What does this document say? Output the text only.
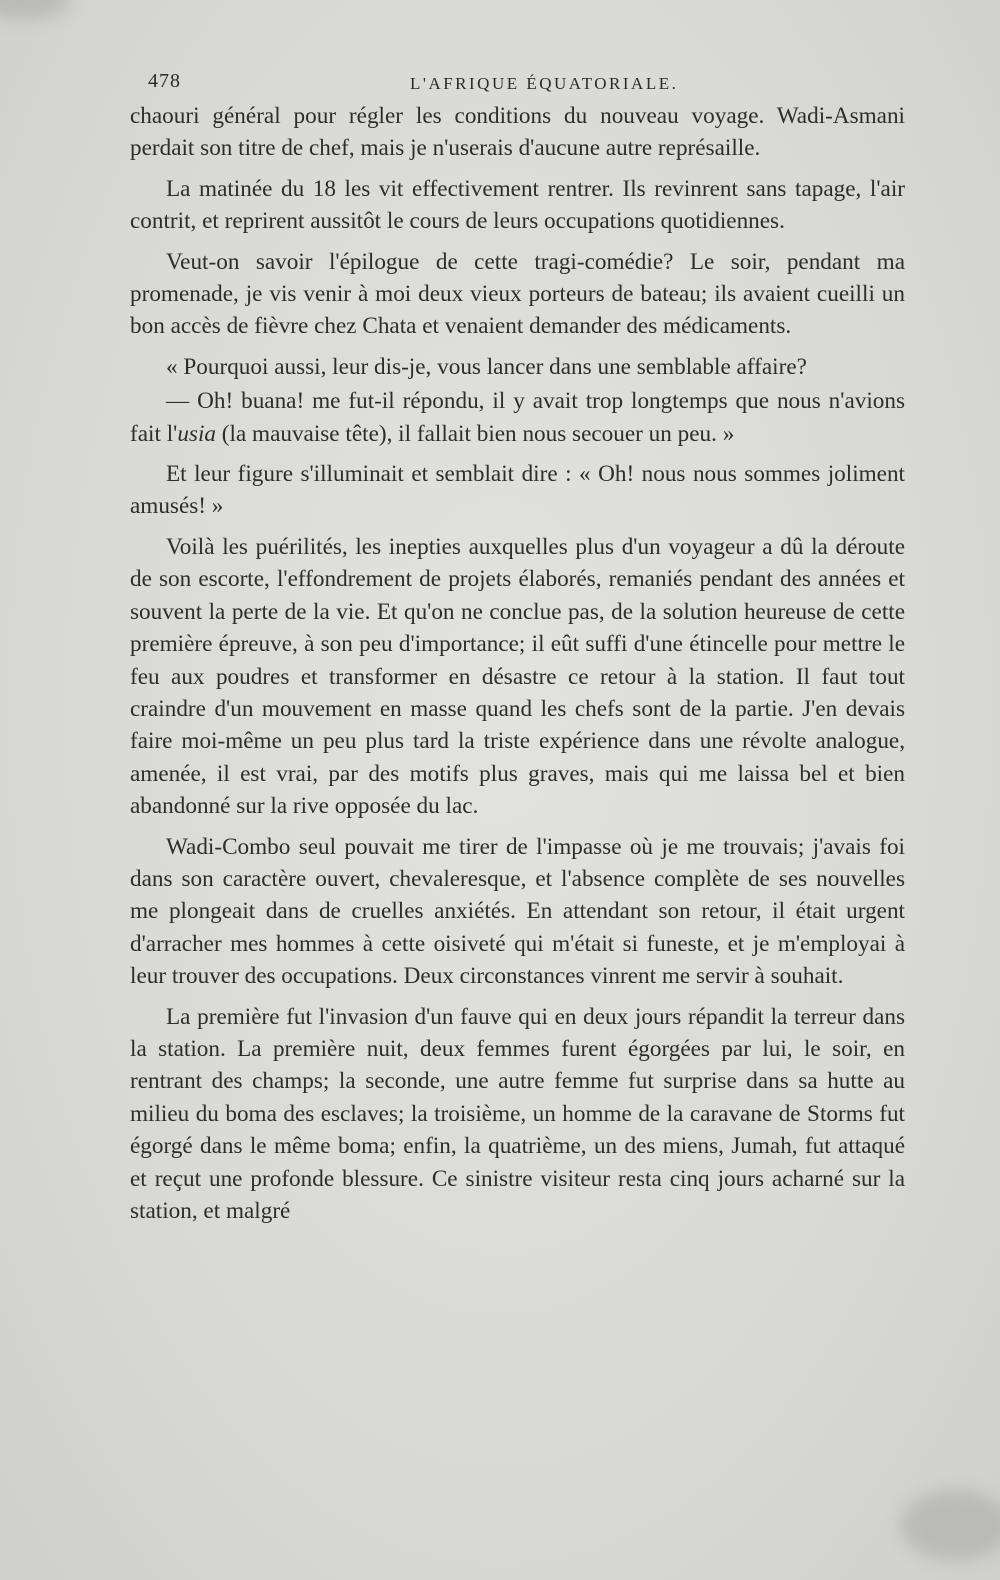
478	L'AFRIQUE ÉQUATORIALE.

chaouri général pour régler les conditions du nouveau voyage. Wadi-Asmani perdait son titre de chef, mais je n'userais d'aucune autre représaille.

La matinée du 18 les vit effectivement rentrer. Ils revinrent sans tapage, l'air contrit, et reprirent aussitôt le cours de leurs occupations quotidiennes.

Veut-on savoir l'épilogue de cette tragi-comédie? Le soir, pendant ma promenade, je vis venir à moi deux vieux porteurs de bateau; ils avaient cueilli un bon accès de fièvre chez Chata et venaient demander des médicaments.

« Pourquoi aussi, leur dis-je, vous lancer dans une semblable affaire?

— Oh! buana! me fut-il répondu, il y avait trop longtemps que nous n'avions fait l'usia (la mauvaise tête), il fallait bien nous secouer un peu. »

Et leur figure s'illuminait et semblait dire : « Oh! nous nous sommes joliment amusés! »

Voilà les puérilités, les inepties auxquelles plus d'un voyageur a dû la déroute de son escorte, l'effondrement de projets élaborés, remaniés pendant des années et souvent la perte de la vie. Et qu'on ne conclue pas, de la solution heureuse de cette première épreuve, à son peu d'importance; il eût suffi d'une étincelle pour mettre le feu aux poudres et transformer en désastre ce retour à la station. Il faut tout craindre d'un mouvement en masse quand les chefs sont de la partie. J'en devais faire moi-même un peu plus tard la triste expérience dans une révolte analogue, amenée, il est vrai, par des motifs plus graves, mais qui me laissa bel et bien abandonné sur la rive opposée du lac.

Wadi-Combo seul pouvait me tirer de l'impasse où je me trouvais; j'avais foi dans son caractère ouvert, chevaleresque, et l'absence complète de ses nouvelles me plongeait dans de cruelles anxiétés. En attendant son retour, il était urgent d'arracher mes hommes à cette oisiveté qui m'était si funeste, et je m'employai à leur trouver des occupations. Deux circonstances vinrent me servir à souhait.

La première fut l'invasion d'un fauve qui en deux jours répandit la terreur dans la station. La première nuit, deux femmes furent égorgées par lui, le soir, en rentrant des champs; la seconde, une autre femme fut surprise dans sa hutte au milieu du boma des esclaves; la troisième, un homme de la caravane de Storms fut égorgé dans le même boma; enfin, la quatrième, un des miens, Jumah, fut attaqué et reçut une profonde blessure. Ce sinistre visiteur resta cinq jours acharné sur la station, et malgré
